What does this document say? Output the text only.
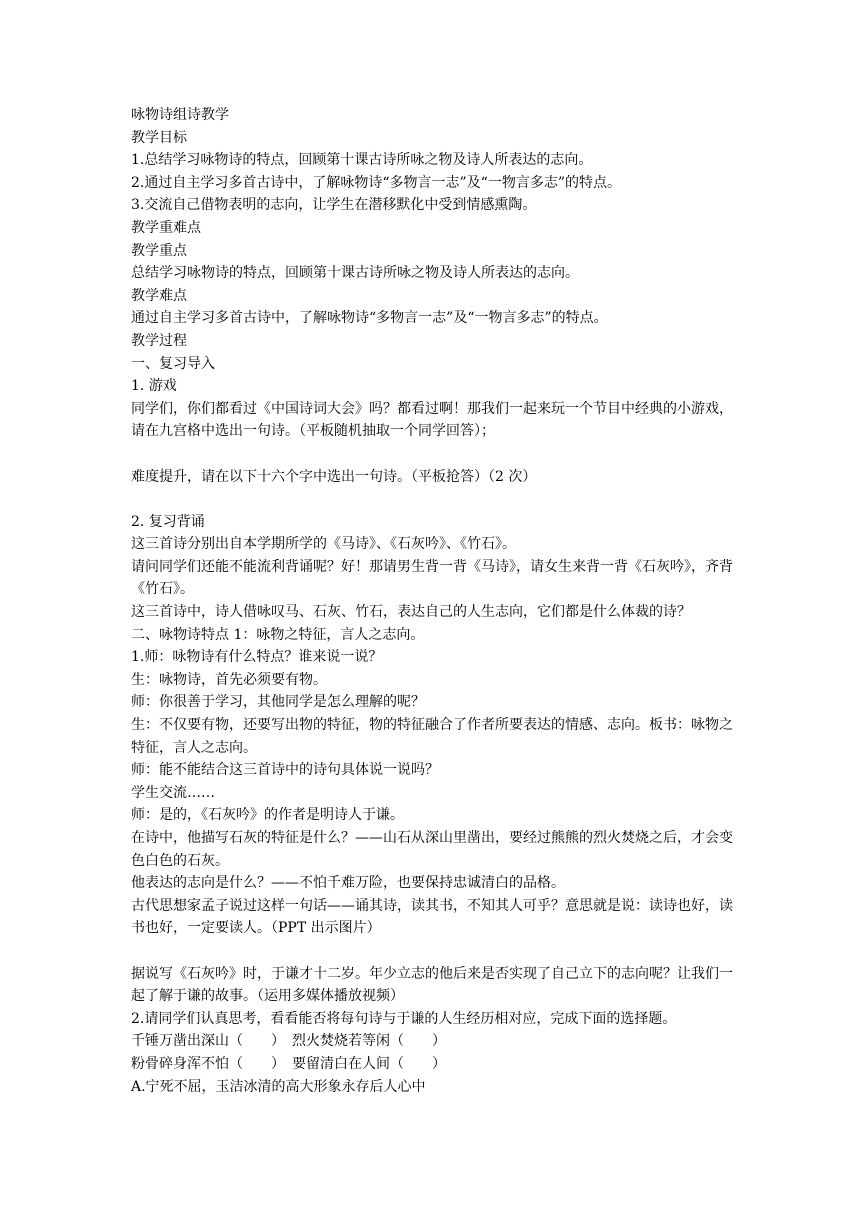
咏物诗组诗教学

教学目标

1.总结学习咏物诗的特点，回顾第十课古诗所咏之物及诗人所表达的志向。

2.通过自主学习多首古诗中，了解咏物诗“多物言一志”及“一物言多志”的特点。

3.交流自己借物表明的志向，让学生在潜移默化中受到情感熏陶。

教学重难点

教学重点

总结学习咏物诗的特点，回顾第十课古诗所咏之物及诗人所表达的志向。

教学难点

通过自主学习多首古诗中，了解咏物诗“多物言一志”及“一物言多志”的特点。

教学过程

一、复习导入

1. 游戏

同学们，你们都看过《中国诗词大会》吗？都看过啊！那我们一起来玩一个节目中经典的小游戏，请在九宫格中选出一句诗。（平板随机抽取一个同学回答）；

难度提升，请在以下十六个字中选出一句诗。（平板抢答）（2 次）

2. 复习背诵

这三首诗分别出自本学期所学的《马诗》、《石灰吟》、《竹石》。

请问同学们还能不能流利背诵呢？好！那请男生背一背《马诗》，请女生来背一背《石灰吟》，齐背《竹石》。

这三首诗中，诗人借咏叹马、石灰、竹石，表达自己的人生志向，它们都是什么体裁的诗？

二、咏物诗特点 1：咏物之特征，言人之志向。

1.师：咏物诗有什么特点？谁来说一说？

生：咏物诗，首先必须要有物。

师：你很善于学习，其他同学是怎么理解的呢？

生：不仅要有物，还要写出物的特征，物的特征融合了作者所要表达的情感、志向。板书：咏物之特征，言人之志向。

师：能不能结合这三首诗中的诗句具体说一说吗？

学生交流……

师：是的，《石灰吟》的作者是明诗人于谦。

在诗中，他描写石灰的特征是什么？——山石从深山里凿出，要经过熊熊的烈火焚烧之后，才会变色白色的石灰。

他表达的志向是什么？——不怕千难万险，也要保持忠诚清白的品格。

古代思想家孟子说过这样一句话——诵其诗，读其书，不知其人可乎？意思就是说：读诗也好，读书也好，一定要读人。（PPT 出示图片）

据说写《石灰吟》时，于谦才十二岁。年少立志的他后来是否实现了自己立下的志向呢？让我们一起了解于谦的故事。（运用多媒体播放视频）

2.请同学们认真思考，看看能否将每句诗与于谦的人生经历相对应，完成下面的选择题。

千锤万凿出深山（　　）　烈火焚烧若等闲（　　）

粉骨碎身浑不怕（　　）　要留清白在人间（　　）

A.宁死不屈，玉洁冰清的高大形象永存后人心中
